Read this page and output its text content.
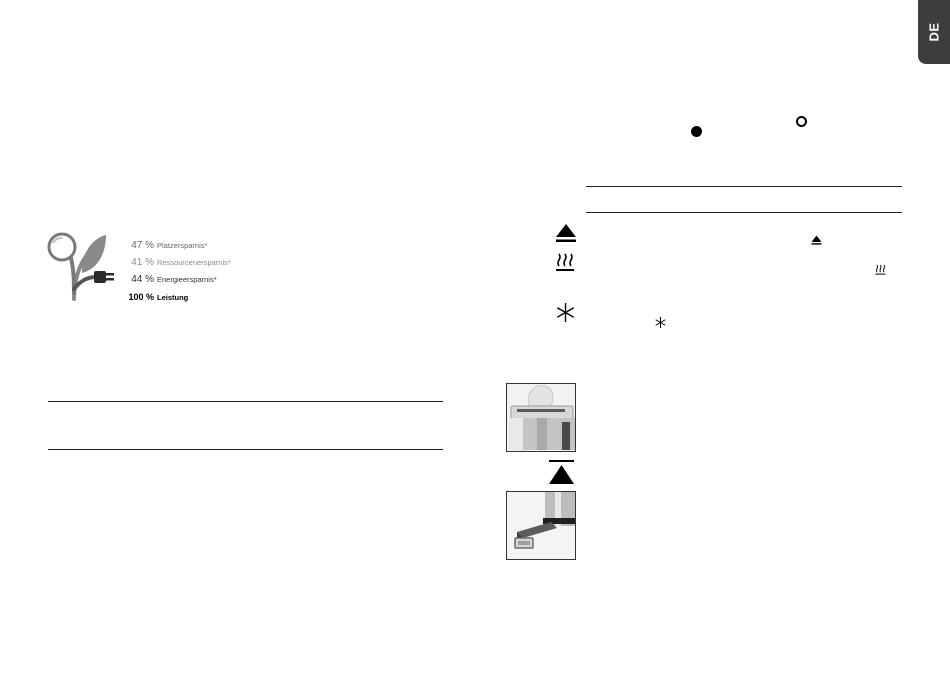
DE
47 % Platzersparnis*
41 % Ressourcenersparnis*
44 % Energieersparnis*
100 % Leistung
